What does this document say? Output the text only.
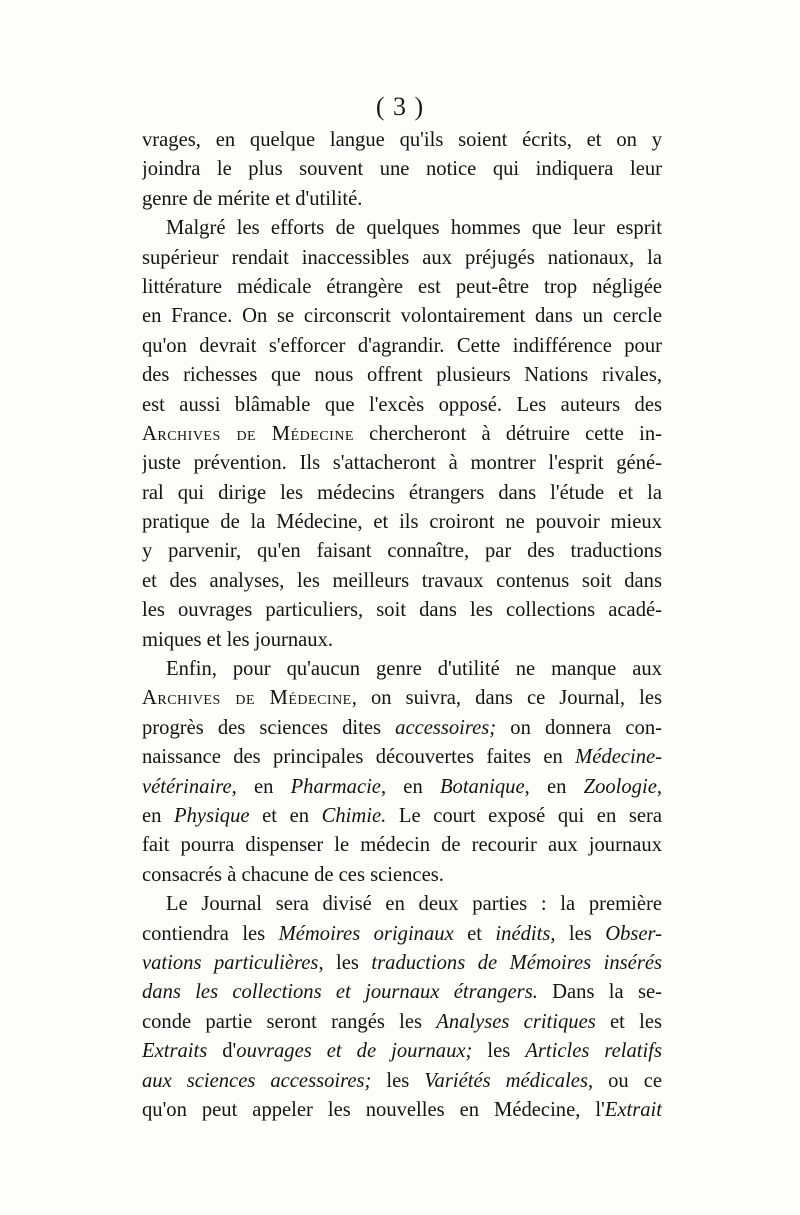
( 3 )
vrages, en quelque langue qu'ils soient écrits, et on y
joindra le plus souvent une notice qui indiquera leur
genre de mérite et d'utilité.
Malgré les efforts de quelques hommes que leur esprit
supérieur rendait inaccessibles aux préjugés nationaux, la
littérature médicale étrangère est peut-être trop négligée
en France. On se circonscrit volontairement dans un cercle
qu'on devrait s'efforcer d'agrandir. Cette indifférence pour
des richesses que nous offrent plusieurs Nations rivales,
est aussi blâmable que l'excès opposé. Les auteurs des
Archives de Médecine chercheront à détruire cette in-
juste prévention. Ils s'attacheront à montrer l'esprit géné-
ral qui dirige les médecins étrangers dans l'étude et la
pratique de la Médecine, et ils croiront ne pouvoir mieux
y parvenir, qu'en faisant connaître, par des traductions
et des analyses, les meilleurs travaux contenus soit dans
les ouvrages particuliers, soit dans les collections acadé-
miques et les journaux.
Enfin, pour qu'aucun genre d'utilité ne manque aux
Archives de Médecine, on suivra, dans ce Journal, les
progrès des sciences dites accessoires; on donnera con-
naissance des principales découvertes faites en Médecine-
vétérinaire, en Pharmacie, en Botanique, en Zoologie,
en Physique et en Chimie. Le court exposé qui en sera
fait pourra dispenser le médecin de recourir aux journaux
consacrés à chacune de ces sciences.
Le Journal sera divisé en deux parties : la première
contiendra les Mémoires originaux et inédits, les Obser-
vations particulières, les traductions de Mémoires insérés
dans les collections et journaux étrangers. Dans la se-
conde partie seront rangés les Analyses critiques et les
Extraits d'ouvrages et de journaux; les Articles relatifs
aux sciences accessoires; les Variétés médicales, ou ce
qu'on peut appeler les nouvelles en Médecine, l'Extrait
